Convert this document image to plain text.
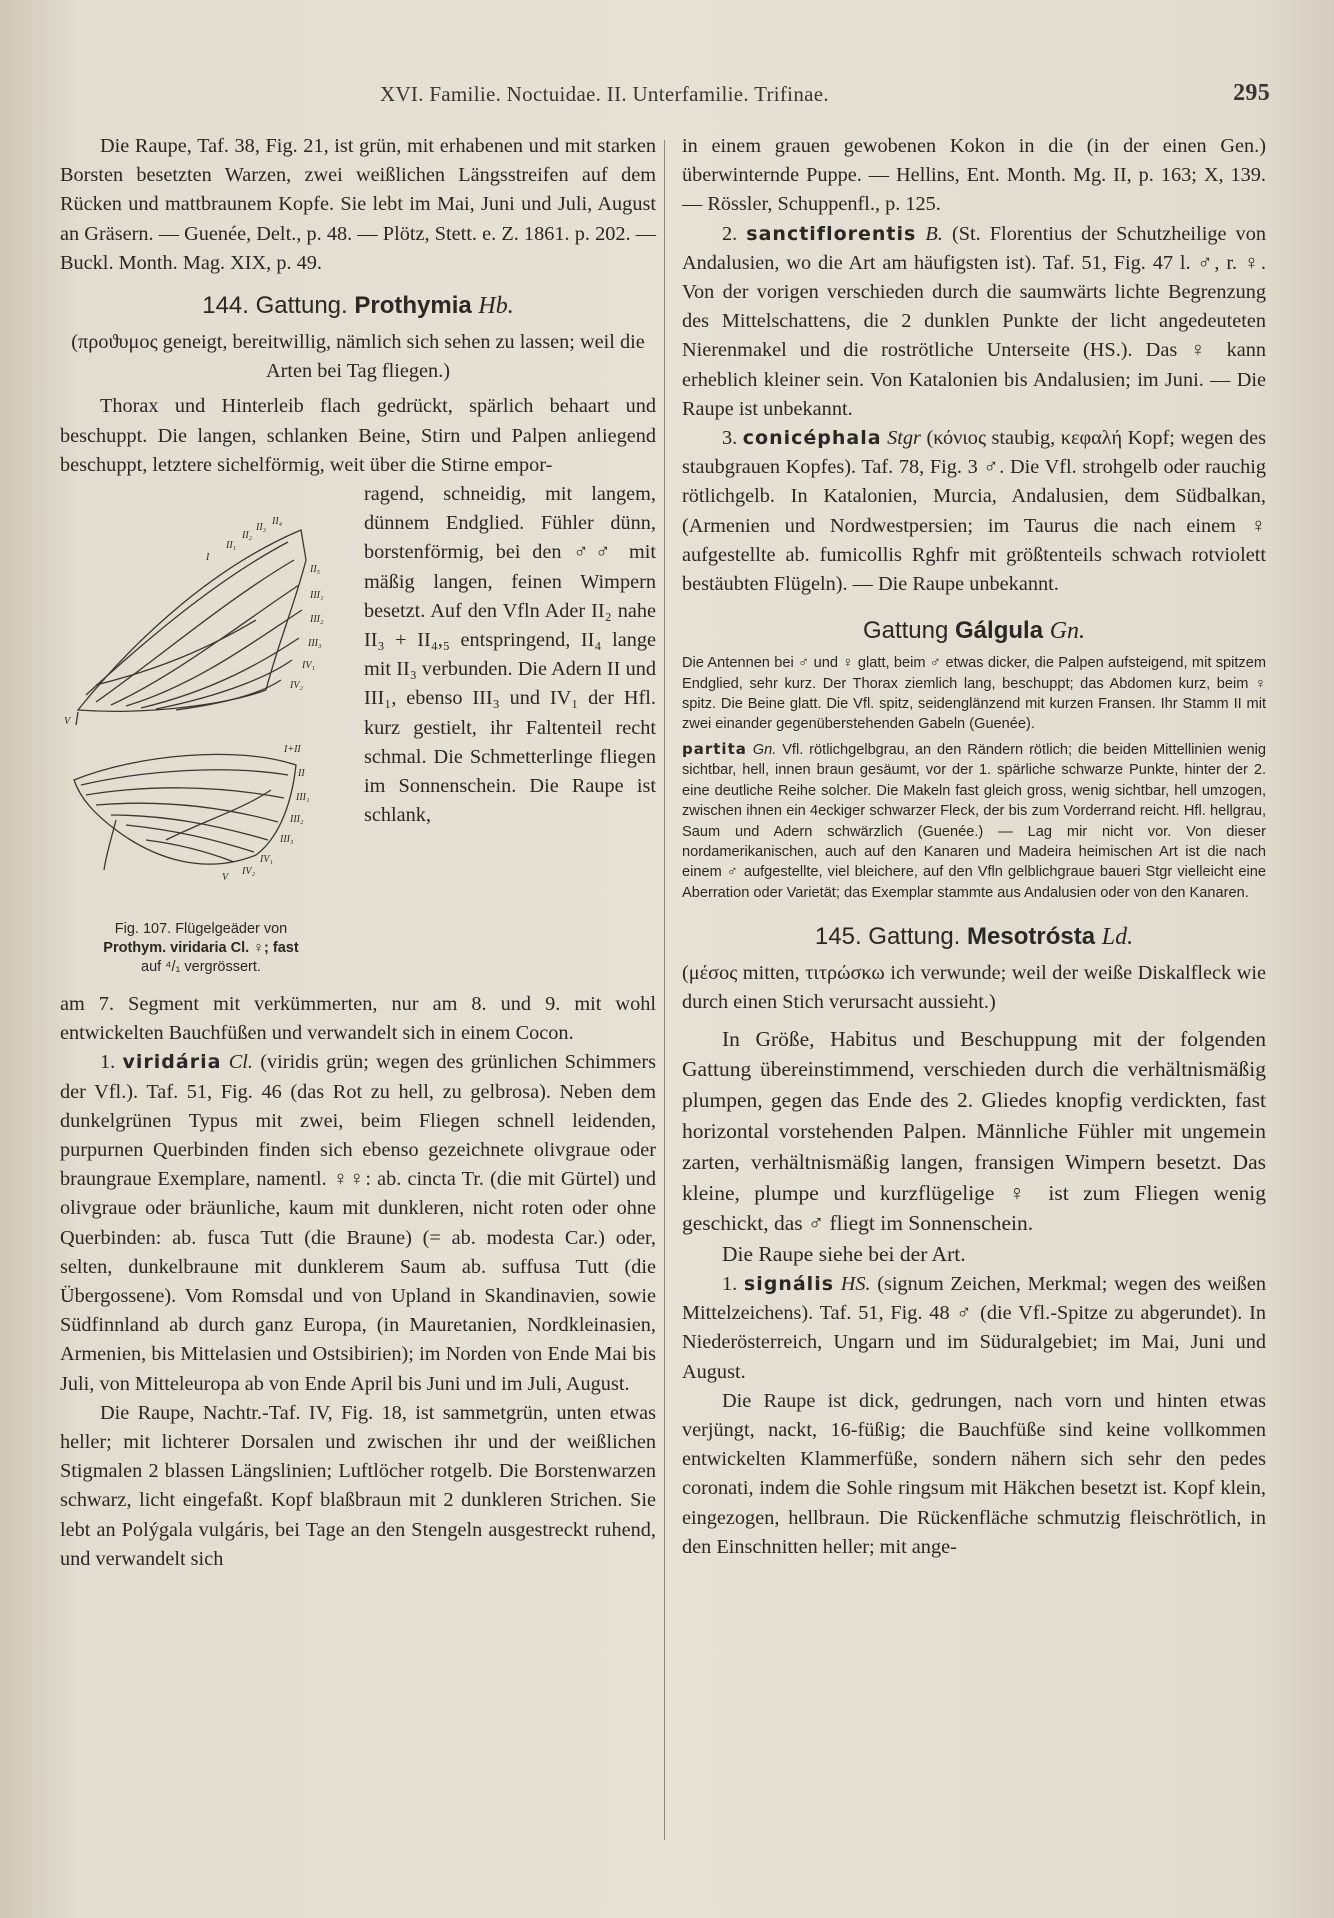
XVI. Familie. Noctuidae. II. Unterfamilie. Trifinae.	295

Die Raupe, Taf. 38, Fig. 21, ist grün, mit erhabenen und mit starken Borsten besetzten Warzen, zwei weißlichen Längsstreifen auf dem Rücken und mattbraunem Kopfe. Sie lebt im Mai, Juni und Juli, August an Gräsern. — Guenée, Delt., p. 48. — Plötz, Stett. e. Z. 1861. p. 202. — Buckl. Month. Mag. XIX, p. 49.

144. Gattung. Prothymia Hb.

(προϑυμος geneigt, bereitwillig, nämlich sich sehen zu lassen; weil die Arten bei Tag fliegen.)

Thorax und Hinterleib flach gedrückt, spärlich behaart und beschuppt. Die langen, schlanken Beine, Stirn und Palpen anliegend beschuppt, letztere sichelförmig, weit über die Stirne empor-

I
II₁
II₂
II₃
II₄
II₅
III₁
III₂
III₃
IV₁
IV₂
V
I+II
II
III₁
III₂
III₃
IV₁
IV₂
V
Fig. 107. Flügelgeäder von
Prothym. viridaria Cl. ♀; fast
auf ⁴/₁ vergrössert.

ragend, schneidig, mit langem, dünnem Endglied. Fühler dünn, borstenförmig, bei den ♂♂ mit mäßig langen, feinen Wimpern besetzt. Auf den Vfln Ader II₂ nahe II₃ + II₄,₅ entspringend, II₄ lange mit II₃ verbunden. Die Adern II und III₁, ebenso III₃ und IV₁ der Hfl. kurz gestielt, ihr Faltenteil recht schmal. Die Schmetterlinge fliegen im Sonnenschein. Die Raupe ist schlank,

am 7. Segment mit verkümmerten, nur am 8. und 9. mit wohl entwickelten Bauchfüßen und verwandelt sich in einem Cocon.

1. viridária Cl. (viridis grün; wegen des grünlichen Schimmers der Vfl.). Taf. 51, Fig. 46 (das Rot zu hell, zu gelbrosa). Neben dem dunkelgrünen Typus mit zwei, beim Fliegen schnell leidenden, purpurnen Querbinden finden sich ebenso gezeichnete olivgraue oder braungraue Exemplare, namentl. ♀♀: ab. cincta Tr. (die mit Gürtel) und olivgraue oder bräunliche, kaum mit dunkleren, nicht roten oder ohne Querbinden: ab. fusca Tutt (die Braune) (= ab. modesta Car.) oder, selten, dunkelbraune mit dunklerem Saum ab. suffusa Tutt (die Übergossene). Vom Romsdal und von Upland in Skandinavien, sowie Südfinnland ab durch ganz Europa, (in Mauretanien, Nordkleinasien, Armenien, bis Mittelasien und Ostsibirien); im Norden von Ende Mai bis Juli, von Mitteleuropa ab von Ende April bis Juni und im Juli, August.

Die Raupe, Nachtr.-Taf. IV, Fig. 18, ist sammetgrün, unten etwas heller; mit lichterer Dorsalen und zwischen ihr und der weißlichen Stigmalen 2 blassen Längslinien; Luftlöcher rotgelb. Die Borstenwarzen schwarz, licht eingefaßt. Kopf blaßbraun mit 2 dunkleren Strichen. Sie lebt an Polýgala vulgáris, bei Tage an den Stengeln ausgestreckt ruhend, und verwandelt sich

in einem grauen gewobenen Kokon in die (in der einen Gen.) überwinternde Puppe. — Hellins, Ent. Month. Mg. II, p. 163; X, 139. — Rössler, Schuppenfl., p. 125.

2. sanctiflorentis B. (St. Florentius der Schutzheilige von Andalusien, wo die Art am häufigsten ist). Taf. 51, Fig. 47 l. ♂, r. ♀. Von der vorigen verschieden durch die saumwärts lichte Begrenzung des Mittelschattens, die 2 dunklen Punkte der licht angedeuteten Nierenmakel und die roströtliche Unterseite (HS.). Das ♀ kann erheblich kleiner sein. Von Katalonien bis Andalusien; im Juni. — Die Raupe ist unbekannt.

3. conicéphala Stgr (κόνιος staubig, κεφαλή Kopf; wegen des staubgrauen Kopfes). Taf. 78, Fig. 3 ♂. Die Vfl. strohgelb oder rauchig rötlichgelb. In Katalonien, Murcia, Andalusien, dem Südbalkan, (Armenien und Nordwestpersien; im Taurus die nach einem ♀ aufgestellte ab. fumicollis Rghfr mit größtenteils schwach rotviolett bestäubten Flügeln). — Die Raupe unbekannt.

Gattung Gálgula Gn.

Die Antennen bei ♂ und ♀ glatt, beim ♂ etwas dicker, die Palpen aufsteigend, mit spitzem Endglied, sehr kurz. Der Thorax ziemlich lang, beschuppt; das Abdomen kurz, beim ♀ spitz. Die Beine glatt. Die Vfl. spitz, seidenglänzend mit kurzen Fransen. Ihr Stamm II mit zwei einander gegenüberstehenden Gabeln (Guenée).

partita Gn. Vfl. rötlichgelbgrau, an den Rändern rötlich; die beiden Mittellinien wenig sichtbar, hell, innen braun gesäumt, vor der 1. spärliche schwarze Punkte, hinter der 2. eine deutliche Reihe solcher. Die Makeln fast gleich gross, wenig sichtbar, hell umzogen, zwischen ihnen ein 4eckiger schwarzer Fleck, der bis zum Vorderrand reicht. Hfl. hellgrau, Saum und Adern schwärzlich (Guenée.) — Lag mir nicht vor. Von dieser nordamerikanischen, auch auf den Kanaren und Madeira heimischen Art ist die nach einem ♂ aufgestellte, viel bleichere, auf den Vfln gelblichgraue baueri Stgr vielleicht eine Aberration oder Varietät; das Exemplar stammte aus Andalusien oder von den Kanaren.

145. Gattung. Mesotrósta Ld.

(μέσος mitten, τιτρώσκω ich verwunde; weil der weiße Diskalfleck wie durch einen Stich verursacht aussieht.)

In Größe, Habitus und Beschuppung mit der folgenden Gattung übereinstimmend, verschieden durch die verhältnismäßig plumpen, gegen das Ende des 2. Gliedes knopfig verdickten, fast horizontal vorstehenden Palpen. Männliche Fühler mit ungemein zarten, verhältnismäßig langen, fransigen Wimpern besetzt. Das kleine, plumpe und kurzflügelige ♀ ist zum Fliegen wenig geschickt, das ♂ fliegt im Sonnenschein.

Die Raupe siehe bei der Art.

1. signális HS. (signum Zeichen, Merkmal; wegen des weißen Mittelzeichens). Taf. 51, Fig. 48 ♂ (die Vfl.-Spitze zu abgerundet). In Niederösterreich, Ungarn und im Süduralgebiet; im Mai, Juni und August.

Die Raupe ist dick, gedrungen, nach vorn und hinten etwas verjüngt, nackt, 16-füßig; die Bauchfüße sind keine vollkommen entwickelten Klammerfüße, sondern nähern sich sehr den pedes coronati, indem die Sohle ringsum mit Häkchen besetzt ist. Kopf klein, eingezogen, hellbraun. Die Rückenfläche schmutzig fleischrötlich, in den Einschnitten heller; mit ange-
